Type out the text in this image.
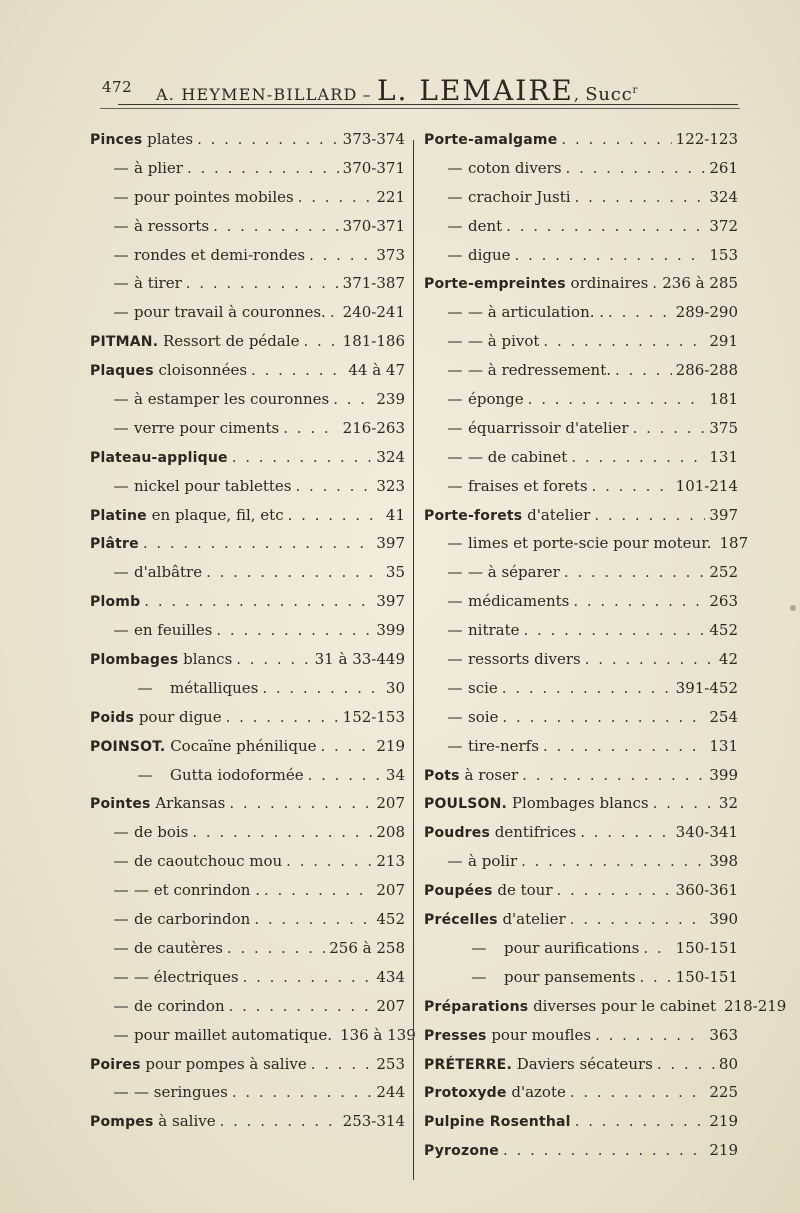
472 A. HEYMEN-BILLARD – L. LEMAIRE, Succ$^r$
Pinces plates . . .	373-374
— à plier . . .	370-371
— pour pointes mobiles . . .	221
— à ressorts . . .	370-371
— rondes et demi-rondes . . .	373
— à tirer . . .	371-387
— pour travail à couronnes. . . . 240-241
PITMAN. Ressort de pédale . . .	181-186
Plaques cloisonnées . . .	44 à 47
— à estamper les couronnes . . .	239
— verre pour ciments . . .	216-263
Plateau-applique . . .	324
— nickel pour tablettes . . .	323
Platine en plaque, fil, etc . . .	41
Plâtre . . .	397
— d'albâtre . . .	35
Plomb . . .	397
— en feuilles . . .	399
Plombages blancs . . .	31 à 33-449
— métalliques . . .	30
Poids pour digue . . .	152-153
POINSOT. Cocaïne phénilique . . .	219
— Gutta iodoformée . . .	34
Pointes Arkansas . . .	207
— de bois . . .	208
— de caoutchouc mou . . .	213
— — et conrindon . . . .	207
— de carborindon . . .	452
— de cautères . . .	256 à 258
— — électriques . . .	434
— de corindon . . .	207
— pour maillet automatique. 136 à 139
Poires pour pompes à salive . . .	253
— — seringues . . .	244
Pompes à salive . . .	253-314
Porte-amalgame . . .	122-123
— coton divers . . .	261
— crachoir Justi . . .	324
— dent . . .	372
— digue . . .	153
Porte-empreintes ordinaires . . . 236 à 285
— — à articulation. . . . .	289-290
— — à pivot . . .	291
— — à redressement. . . .	286-288
— éponge . . .	181
— équarrissoir d'atelier . . .	375
— — de cabinet . . .	131
— fraises et forets . . .	101-214
Porte-forets d'atelier . . .	397
— limes et porte-scie pour moteur. 187
— — à séparer . . .	252
— médicaments . . .	263
— nitrate . . .	452
— ressorts divers . . .	42
— scie . . .	391-452
— soie . . .	254
— tire-nerfs . . .	131
Pots à roser . . .	399
POULSON. Plombages blancs . . .	32
Poudres dentifrices . . .	340-341
— à polir . . .	398
Poupées de tour . . .	360-361
Précelles d'atelier . . .	390
— pour aurifications . . . 150-151
— pour pansements . . .	150-151
Préparations diverses pour le cabinet 218-219
Presses pour moufles . . .	363
PRÉTERRE. Daviers sécateurs . . .	80
Protoxyde d'azote . . .	225
Pulpine Rosenthal . . .	219
Pyrozone . . .	219
